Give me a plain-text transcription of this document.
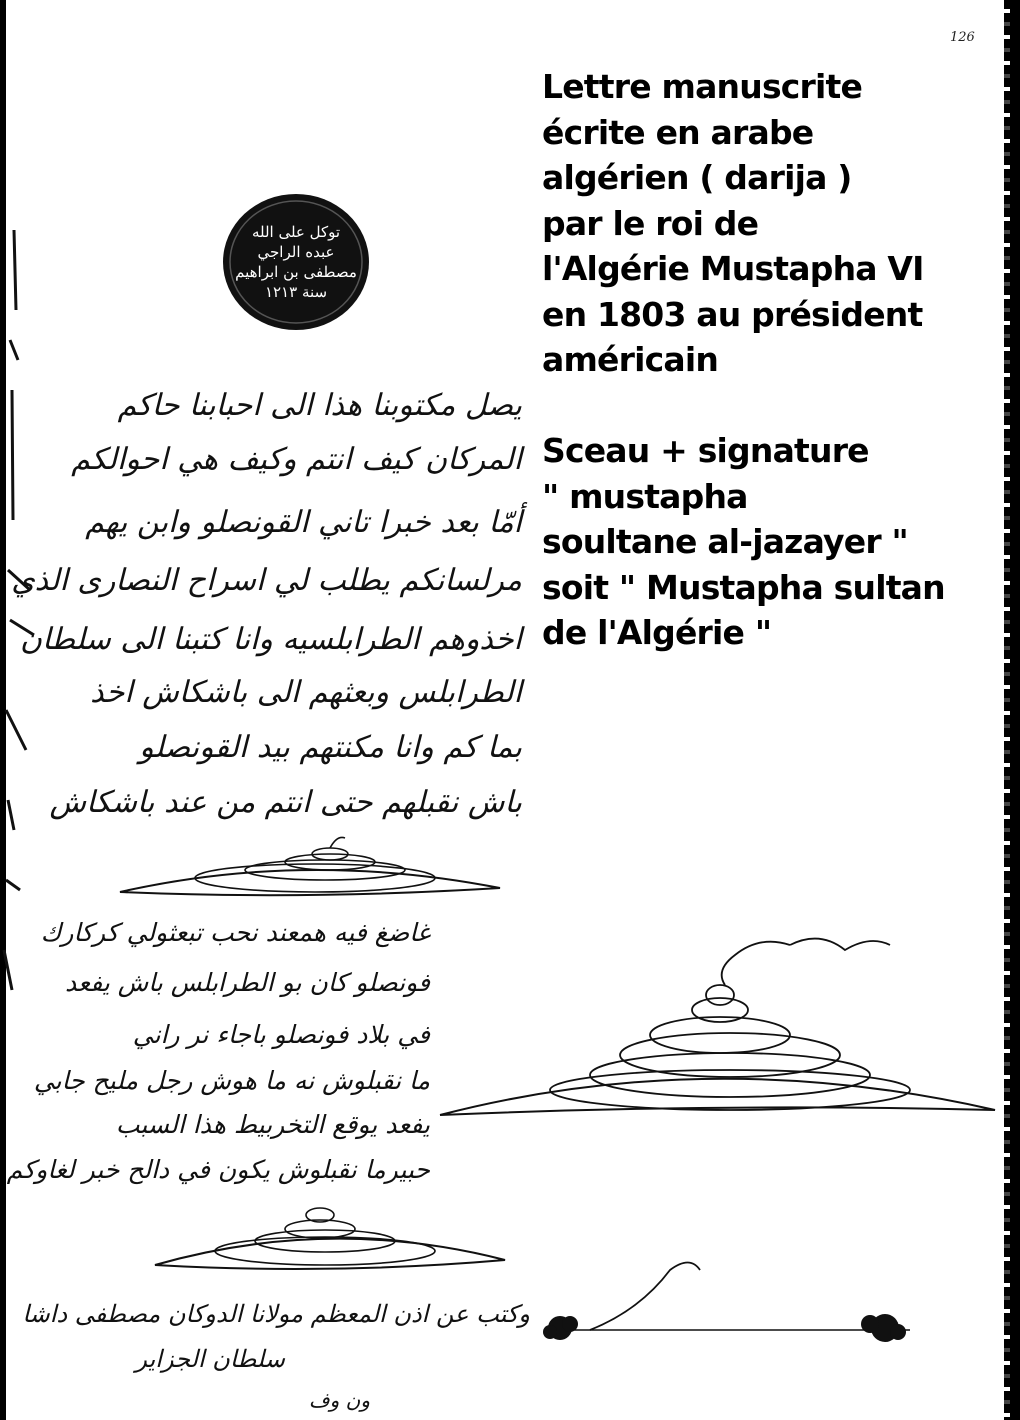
126
Lettre manuscrite
écrite en arabe
algérien ( darija )
par le roi de
l'Algérie Mustapha VI
en 1803 au président
américain
Sceau + signature
" mustapha
soultane al-jazayer "
soit " Mustapha sultan
de l'Algérie "
توكل على الله
عبده الراجي
مصطفى بن ابراهيم
سنة ١٢١٣
يصل مكتوبنا هذا الى احبابنا حاكم
المركان كيف انتم وكيف هي احوالكم
أمّا بعد خبرا تاني القونصلو وابن يهم
مرلسانكم يطلب لي اسراح النصارى الذي
اخذوهم الطرابلسيه وانا كتبنا الى سلطان
الطرابلس وبعثهم الى باشكاش اخذ
بما كم وانا مكنتهم بيد القونصلو
باش نقبلهم حتى انتم من عند باشكاش
غاضغ فيه همعند نحب تبعثولي كركارك
فونصلو كان بو الطرابلس باش يفعد
في بلاد فونصلو باجاء نر راني
ما نقبلوش نه ما هوش رجل مليح جابي
يفعد يوقع التخربيط هذا السبب
حبيرما نقبلوش يكون في دالح خبر لغاوكم
وكتب عن اذن المعظم مولانا الدوكان مصطفى داشا
سلطان الجزاير
ون وف
